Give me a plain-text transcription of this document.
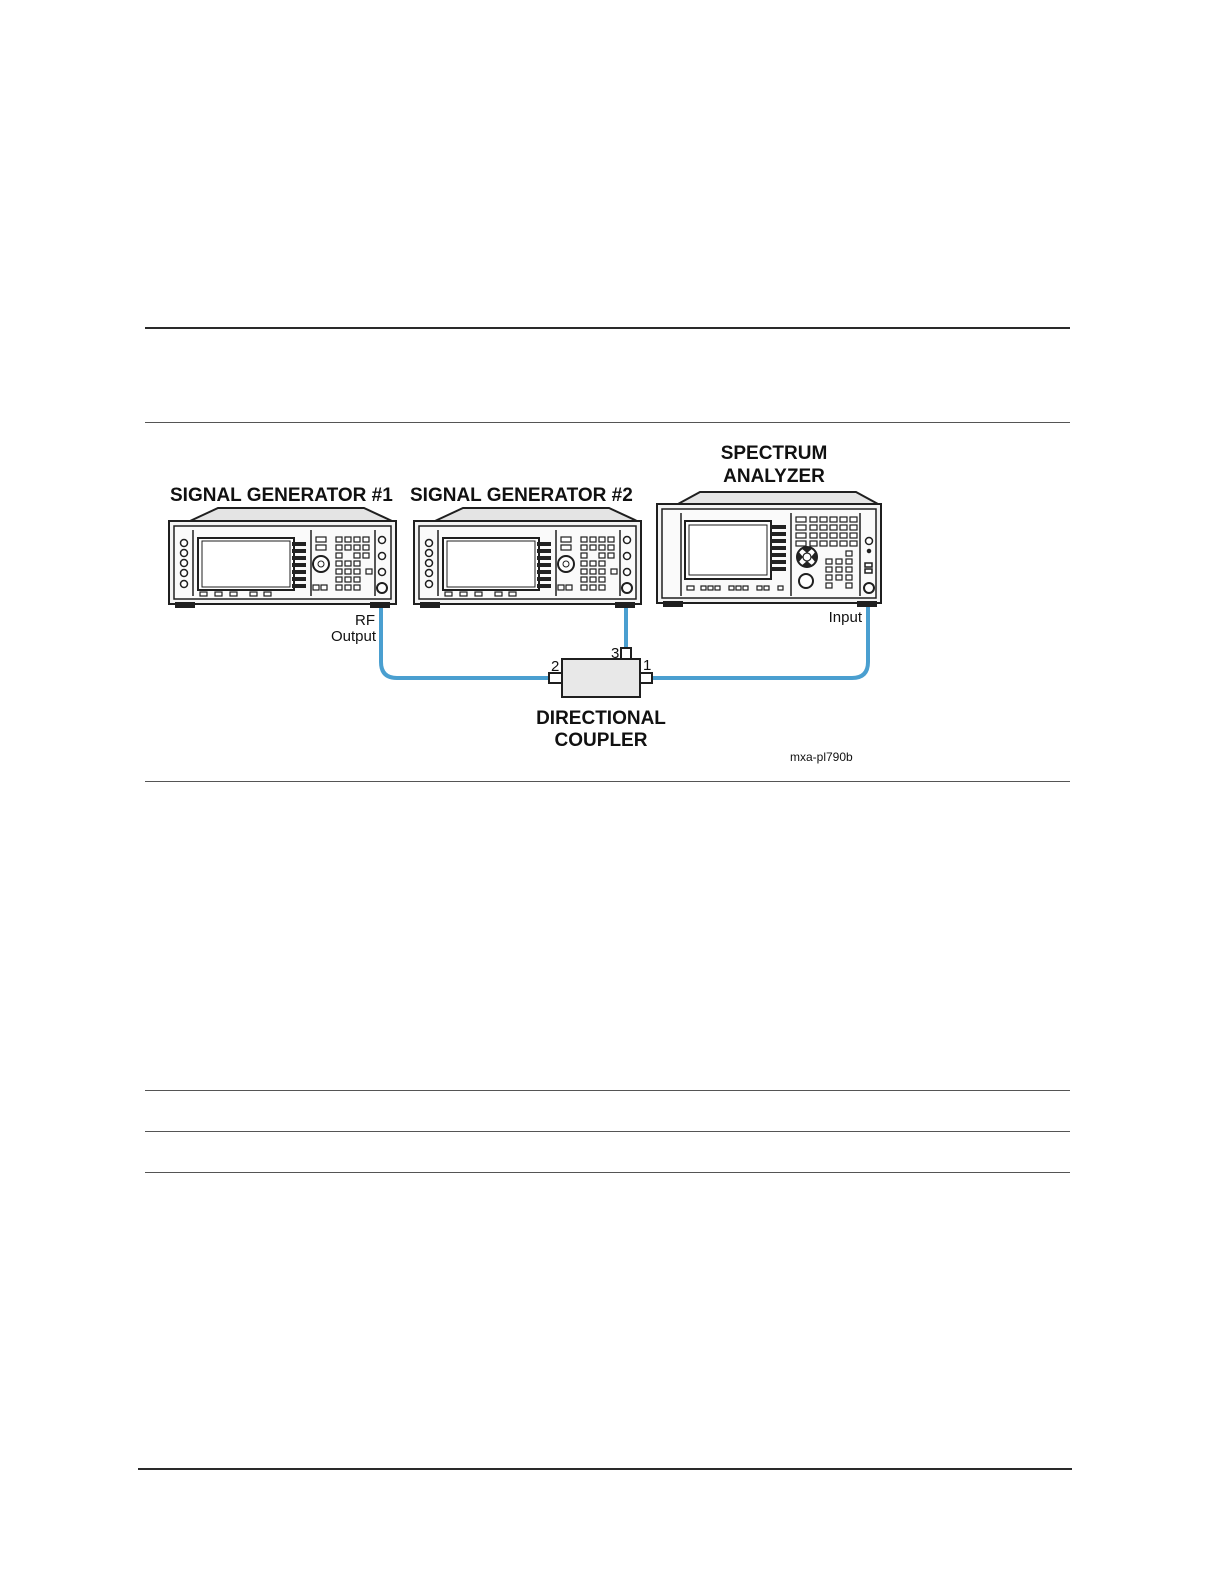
SIGNAL GENERATOR #1 SIGNAL GENERATOR #2
SPECTRUM
ANALYZER
RF
Output
Input
2
3
1
DIRECTIONAL
COUPLER
mxa-pl790b
